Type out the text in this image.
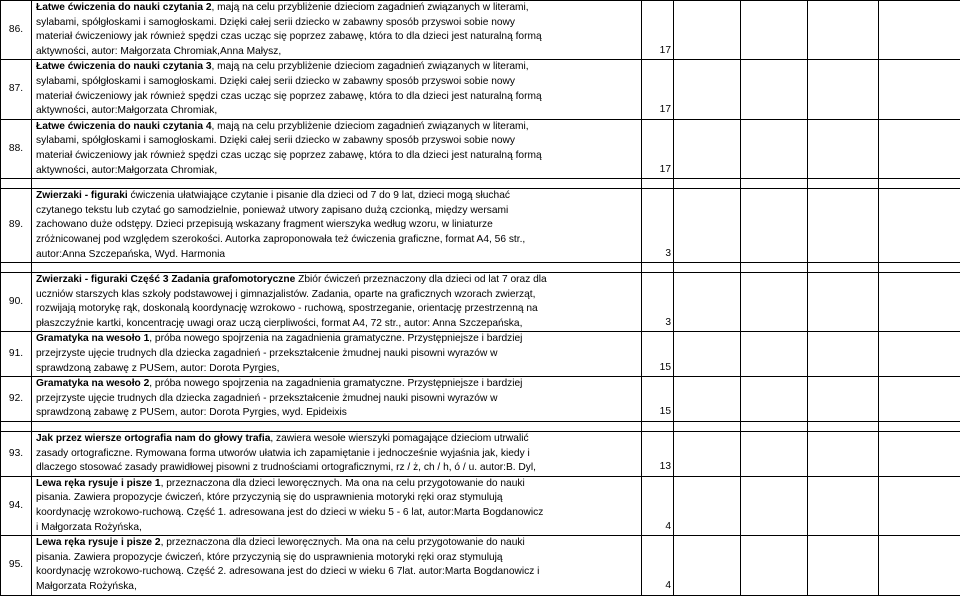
86.	Łatwe ćwiczenia do nauki czytania 2, mają na celu przybliżenie dzieciom zagadnień związanych w literami,
sylabami, spółgłoskami i samogłoskami. Dzięki całej serii dziecko w zabawny sposób przyswoi sobie nowy
materiał ćwiczeniowy jak również spędzi czas ucząc się poprzez zabawę, która to dla dzieci jest naturalną formą
aktywności, autor: Małgorzata Chromiak,Anna Małysz,	17				
87.	Łatwe ćwiczenia do nauki czytania 3, mają na celu przybliżenie dzieciom zagadnień związanych w literami,
sylabami, spółgłoskami i samogłoskami. Dzięki całej serii dziecko w zabawny sposób przyswoi sobie nowy
materiał ćwiczeniowy jak również spędzi czas ucząc się poprzez zabawę, która to dla dzieci jest naturalną formą
aktywności, autor:Małgorzata Chromiak,	17				
88.	Łatwe ćwiczenia do nauki czytania 4, mają na celu przybliżenie dzieciom zagadnień związanych w literami,
sylabami, spółgłoskami i samogłoskami. Dzięki całej serii dziecko w zabawny sposób przyswoi sobie nowy
materiał ćwiczeniowy jak również spędzi czas ucząc się poprzez zabawę, która to dla dzieci jest naturalną formą
aktywności, autor:Małgorzata Chromiak,	17				

89.	Zwierzaki - figuraki ćwiczenia ułatwiające czytanie i pisanie dla dzieci od 7 do 9 lat, dzieci mogą słuchać
czytanego tekstu lub czytać go samodzielnie, ponieważ utwory zapisano dużą czcionką, między wersami
zachowano duże odstępy. Dzieci przepisują wskazany fragment wierszyka według wzoru, w liniaturze
zróżnicowanej pod względem szerokości. Autorka zaproponowała też ćwiczenia graficzne, format A4, 56 str.,
autor:Anna Szczepańska, Wyd. Harmonia	3				

90.	Zwierzaki - figuraki Część 3 Zadania grafomotoryczne Zbiór ćwiczeń przeznaczony dla dzieci od lat 7 oraz dla
uczniów starszych klas szkoły podstawowej i gimnazjalistów. Zadania, oparte na graficznych wzorach zwierząt,
rozwijają motorykę rąk, doskonalą koordynację wzrokowo - ruchową, spostrzeganie, orientację przestrzenną na
płaszczyźnie kartki, koncentrację uwagi oraz uczą cierpliwości, format A4, 72 str., autor: Anna Szczepańska,	3				
91.	Gramatyka na wesoło 1, próba nowego spojrzenia na zagadnienia gramatyczne. Przystępniejsze i bardziej
przejrzyste ujęcie trudnych dla dziecka zagadnień - przekształcenie żmudnej nauki pisowni wyrazów w
sprawdzoną zabawę z PUSem, autor: Dorota Pyrgies,	15				
92.	Gramatyka na wesoło 2, próba nowego spojrzenia na zagadnienia gramatyczne. Przystępniejsze i bardziej
przejrzyste ujęcie trudnych dla dziecka zagadnień - przekształcenie żmudnej nauki pisowni wyrazów w
sprawdzoną zabawę z PUSem, autor: Dorota Pyrgies, wyd. Epideixis	15				

93.	Jak przez wiersze ortografia nam do głowy trafia, zawiera wesołe wierszyki pomagające dzieciom utrwalić
zasady ortograficzne. Rymowana forma utworów ułatwia ich zapamiętanie i jednocześnie wyjaśnia jak, kiedy i
dlaczego stosować zasady prawidłowej pisowni z trudnościami ortograficznymi, rz / ż, ch / h, ó / u. autor:B. Dyl,	13				
94.	Lewa ręka rysuje i pisze 1, przeznaczona dla dzieci leworęcznych. Ma ona na celu przygotowanie do nauki
pisania. Zawiera propozycje ćwiczeń, które przyczynią się do usprawnienia motoryki ręki oraz stymulują
koordynację wzrokowo-ruchową. Część 1. adresowana jest do dzieci w wieku 5 - 6 lat, autor:Marta Bogdanowicz
i Małgorzata Rożyńska,	4				
95.	Lewa ręka rysuje i pisze 2, przeznaczona dla dzieci leworęcznych. Ma ona na celu przygotowanie do nauki
pisania. Zawiera propozycje ćwiczeń, które przyczynią się do usprawnienia motoryki ręki oraz stymulują
koordynację wzrokowo-ruchową. Część 2. adresowana jest do dzieci w wieku 6 7lat. autor:Marta Bogdanowicz i
Małgorzata Rożyńska,	4				
